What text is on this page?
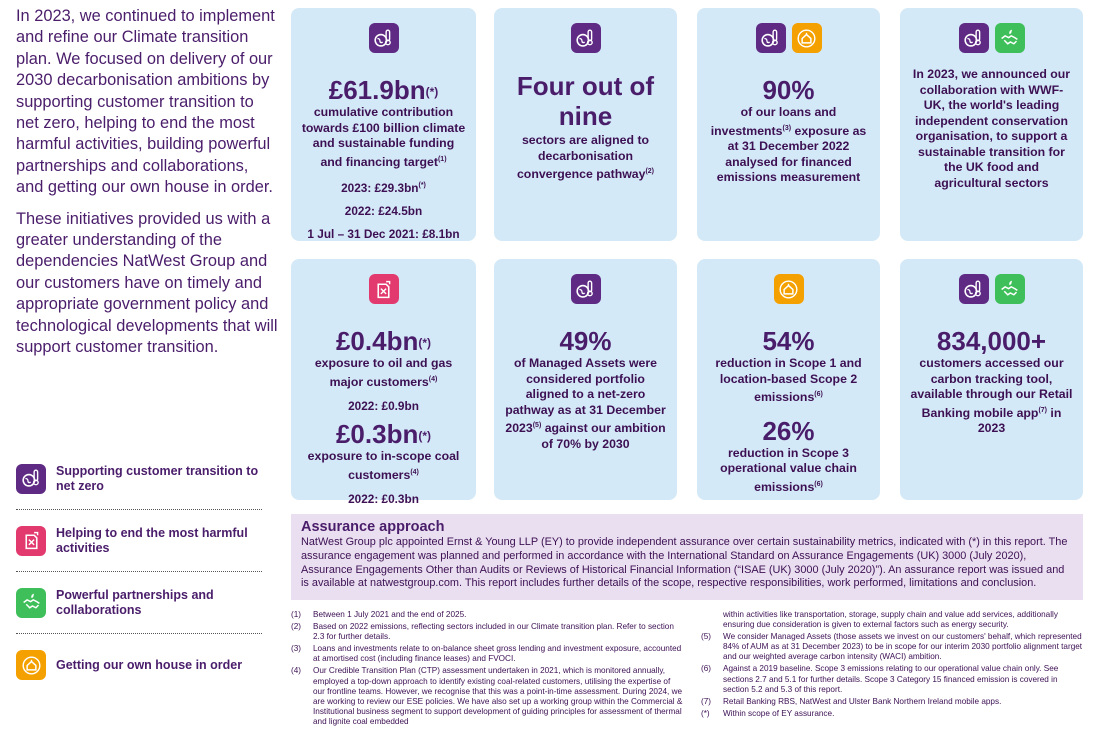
In 2023, we continued to implement and refine our Climate transition plan. We focused on delivery of our 2030 decarbonisation ambitions by supporting customer transition to net zero, helping to end the most harmful activities, building powerful partnerships and collaborations, and getting our own house in order.

These initiatives provided us with a greater understanding of the dependencies NatWest Group and our customers have on timely and appropriate government policy and technological developments that will support customer transition.

Supporting customer transition to net zero
Helping to end the most harmful activities
Powerful partnerships and collaborations
Getting our own house in order
£61.9bn(*)
cumulative contribution towards £100 billion climate and sustainable funding and financing target$^{(1)}$
2023: £29.3bn(*)
2022: £24.5bn
1 Jul – 31 Dec 2021: £8.1bn
Four out of nine
sectors are aligned to decarbonisation convergence pathway$^{(2)}$
90%
of our loans and investments$^{(3)}$ exposure as at 31 December 2022 analysed for financed emissions measurement
In 2023, we announced our collaboration with WWF-UK, the world's leading independent conservation organisation, to support a sustainable transition for the UK food and agricultural sectors
£0.4bn(*)
exposure to oil and gas major customers$^{(4)}$
2022: £0.9bn
£0.3bn(*)
exposure to in-scope coal customers$^{(4)}$
2022: £0.3bn
49%
of Managed Assets were considered portfolio aligned to a net-zero pathway as at 31 December 2023$^{(5)}$ against our ambition of 70% by 2030
54%
reduction in Scope 1 and location-based Scope 2 emissions$^{(6)}$
26%
reduction in Scope 3 operational value chain emissions$^{(6)}$
834,000+
customers accessed our carbon tracking tool, available through our Retail Banking mobile app$^{(7)}$ in 2023
Assurance approach

NatWest Group plc appointed Ernst & Young LLP (EY) to provide independent assurance over certain sustainability metrics, indicated with (*) in this report. The assurance engagement was planned and performed in accordance with the International Standard on Assurance Engagements (UK) 3000 (July 2020), Assurance Engagements Other than Audits or Reviews of Historical Financial Information (“ISAE (UK) 3000 (July 2020)”). An assurance report was issued and is available at natwestgroup.com. This report includes further details of the scope, respective responsibilities, work performed, limitations and conclusion.

(1)	Between 1 July 2021 and the end of 2025.
(2)	Based on 2022 emissions, reflecting sectors included in our Climate transition plan. Refer to section 2.3 for further details.
(3)	Loans and investments relate to on-balance sheet gross lending and investment exposure, accounted at amortised cost (including finance leases) and FVOCI.
(4)	Our Credible Transition Plan (CTP) assessment undertaken in 2021, which is monitored annually, employed a top-down approach to identify existing coal-related customers, utilising the expertise of our frontline teams. However, we recognise that this was a point-in-time assessment. During 2024, we are working to review our ESE policies. We have also set up a working group within the Commercial & Institutional business segment to support development of guiding principles for assessment of thermal and lignite coal embedded
within activities like transportation, storage, supply chain and value add services, additionally ensuring due consideration is given to external factors such as energy security.
(5)	We consider Managed Assets (those assets we invest on our customers' behalf, which represented 84% of AUM as at 31 December 2023) to be in scope for our interim 2030 portfolio alignment target and our weighted average carbon intensity (WACI) ambition.
(6)	Against a 2019 baseline. Scope 3 emissions relating to our operational value chain only. See sections 2.7 and 5.1 for further details. Scope 3 Category 15 financed emission is covered in section 5.2 and 5.3 of this report.
(7)	Retail Banking RBS, NatWest and Ulster Bank Northern Ireland mobile apps.
(*)	Within scope of EY assurance.
